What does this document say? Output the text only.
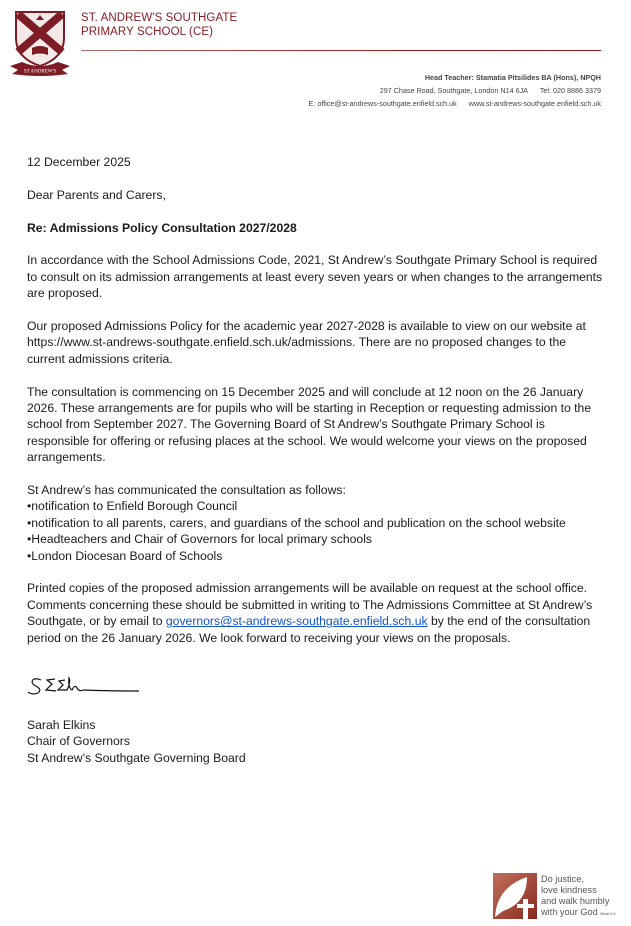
ST ANDREW'S
ST. ANDREW'S SOUTHGATE
PRIMARY SCHOOL (CE)
Head Teacher: Stamatia Pitsilides BA (Hons), NPQH
297 Chase Road, Southgate, London N14 6JA Tel: 020 8886 3379
E: office@st-andrews-southgate.enfield.sch.uk www.st-andrews-southgate.enfield.sch.uk

12 December 2025

Dear Parents and Carers,

Re: Admissions Policy Consultation 2027/2028

In accordance with the School Admissions Code, 2021, St Andrew’s Southgate Primary School is required to consult on its admission arrangements at least every seven years or when changes to the arrangements are proposed.

Our proposed Admissions Policy for the academic year 2027-2028 is available to view on our website at https://www.st-andrews-southgate.enfield.sch.uk/admissions. There are no proposed changes to the current admissions criteria.

The consultation is commencing on 15 December 2025 and will conclude at 12 noon on the 26 January 2026. These arrangements are for pupils who will be starting in Reception or requesting admission to the school from September 2027. The Governing Board of St Andrew’s Southgate Primary School is responsible for offering or refusing places at the school. We would welcome your views on the proposed arrangements.

St Andrew’s has communicated the consultation as follows:
• notification to Enfield Borough Council
• notification to all parents, carers, and guardians of the school and publication on the school website
• Headteachers and Chair of Governors for local primary schools
• London Diocesan Board of Schools

Printed copies of the proposed admission arrangements will be available on request at the school office. Comments concerning these should be submitted in writing to The Admissions Committee at St Andrew’s Southgate, or by email to governors@st-andrews-southgate.enfield.sch.uk by the end of the consultation period on the 26 January 2026. We look forward to receiving your views on the proposals.

Sarah Elkins
Chair of Governors
St Andrew’s Southgate Governing Board
Do justice,
love kindness
and walk humbly
with your God Micah 6:8
